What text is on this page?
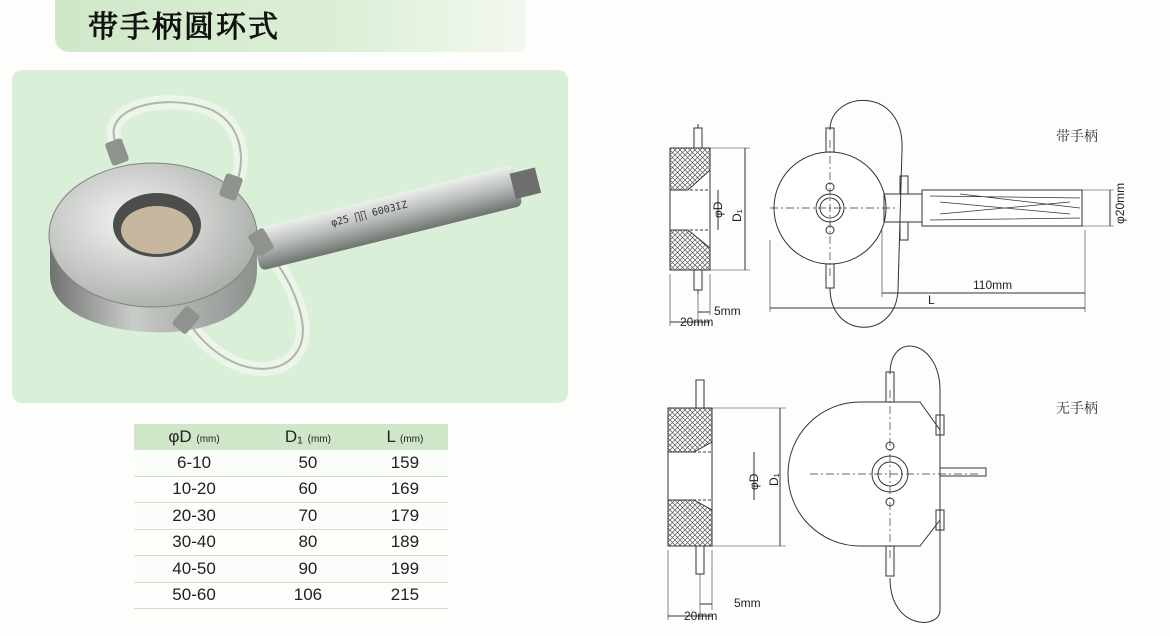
带手柄圆环式
φ25 ∏∏ 6003IZ
φD (mm)	D₁ (mm)	L (mm)
6-10	50	159
10-20	60	169
20-30	70	179
30-40	80	189
40-50	90	199
50-60	106	215
φD D₁	φ20mm
110mm
L
5mm
20mm
φD D₁
5mm
20mm
带手柄
无手柄
